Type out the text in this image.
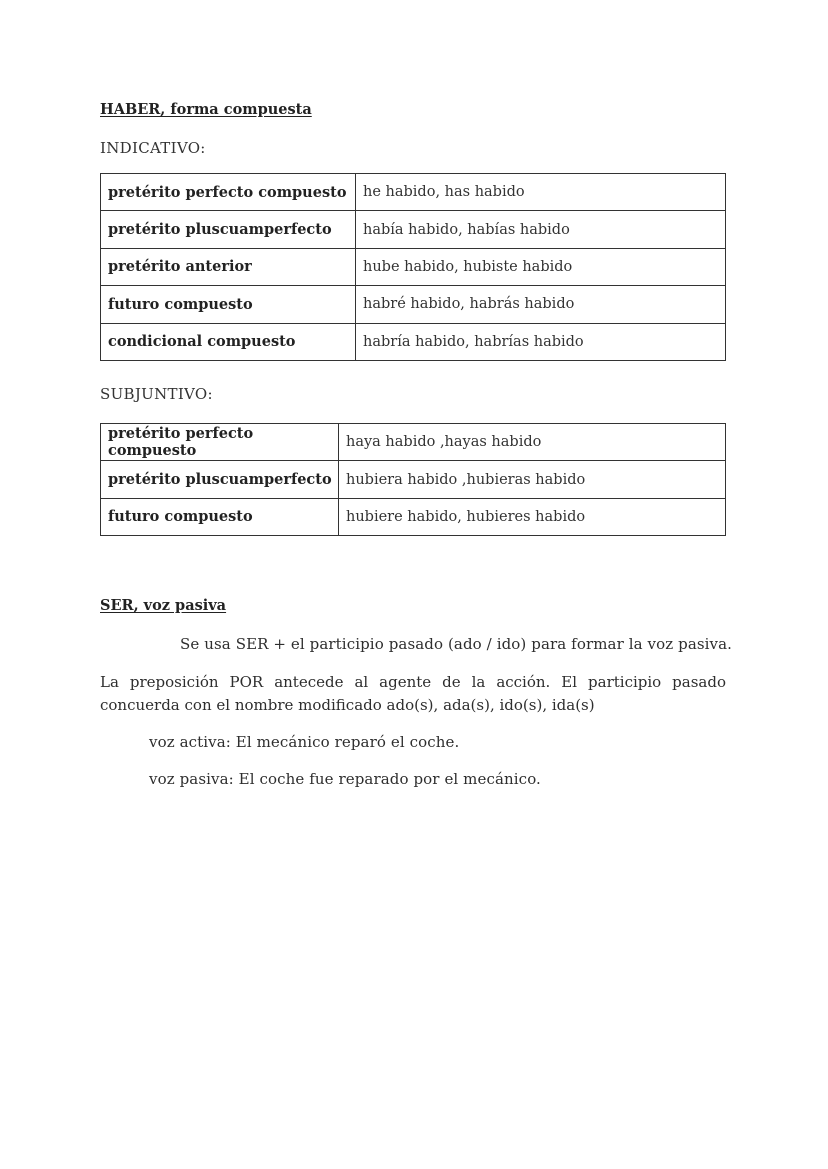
HABER, forma compuesta
INDICATIVO:
pretérito perfecto compuesto	he habido, has habido
pretérito pluscuamperfecto	había habido, habías habido
pretérito anterior	hube habido, hubiste habido
futuro compuesto	habré habido, habrás habido
condicional compuesto	habría habido, habrías habido
SUBJUNTIVO:
pretérito perfecto compuesto	haya habido ,hayas habido
pretérito pluscuamperfecto	hubiera habido ,hubieras habido
futuro compuesto	hubiere habido, hubieres habido
SER, voz pasiva
Se usa SER + el participio pasado (ado / ido) para formar la voz pasiva.
La preposición POR antecede al agente de la acción. El participio pasado concuerda con el nombre modificado ado(s), ada(s), ido(s), ida(s)
voz activa: El mecánico reparó el coche.
voz pasiva: El coche fue reparado por el mecánico.
